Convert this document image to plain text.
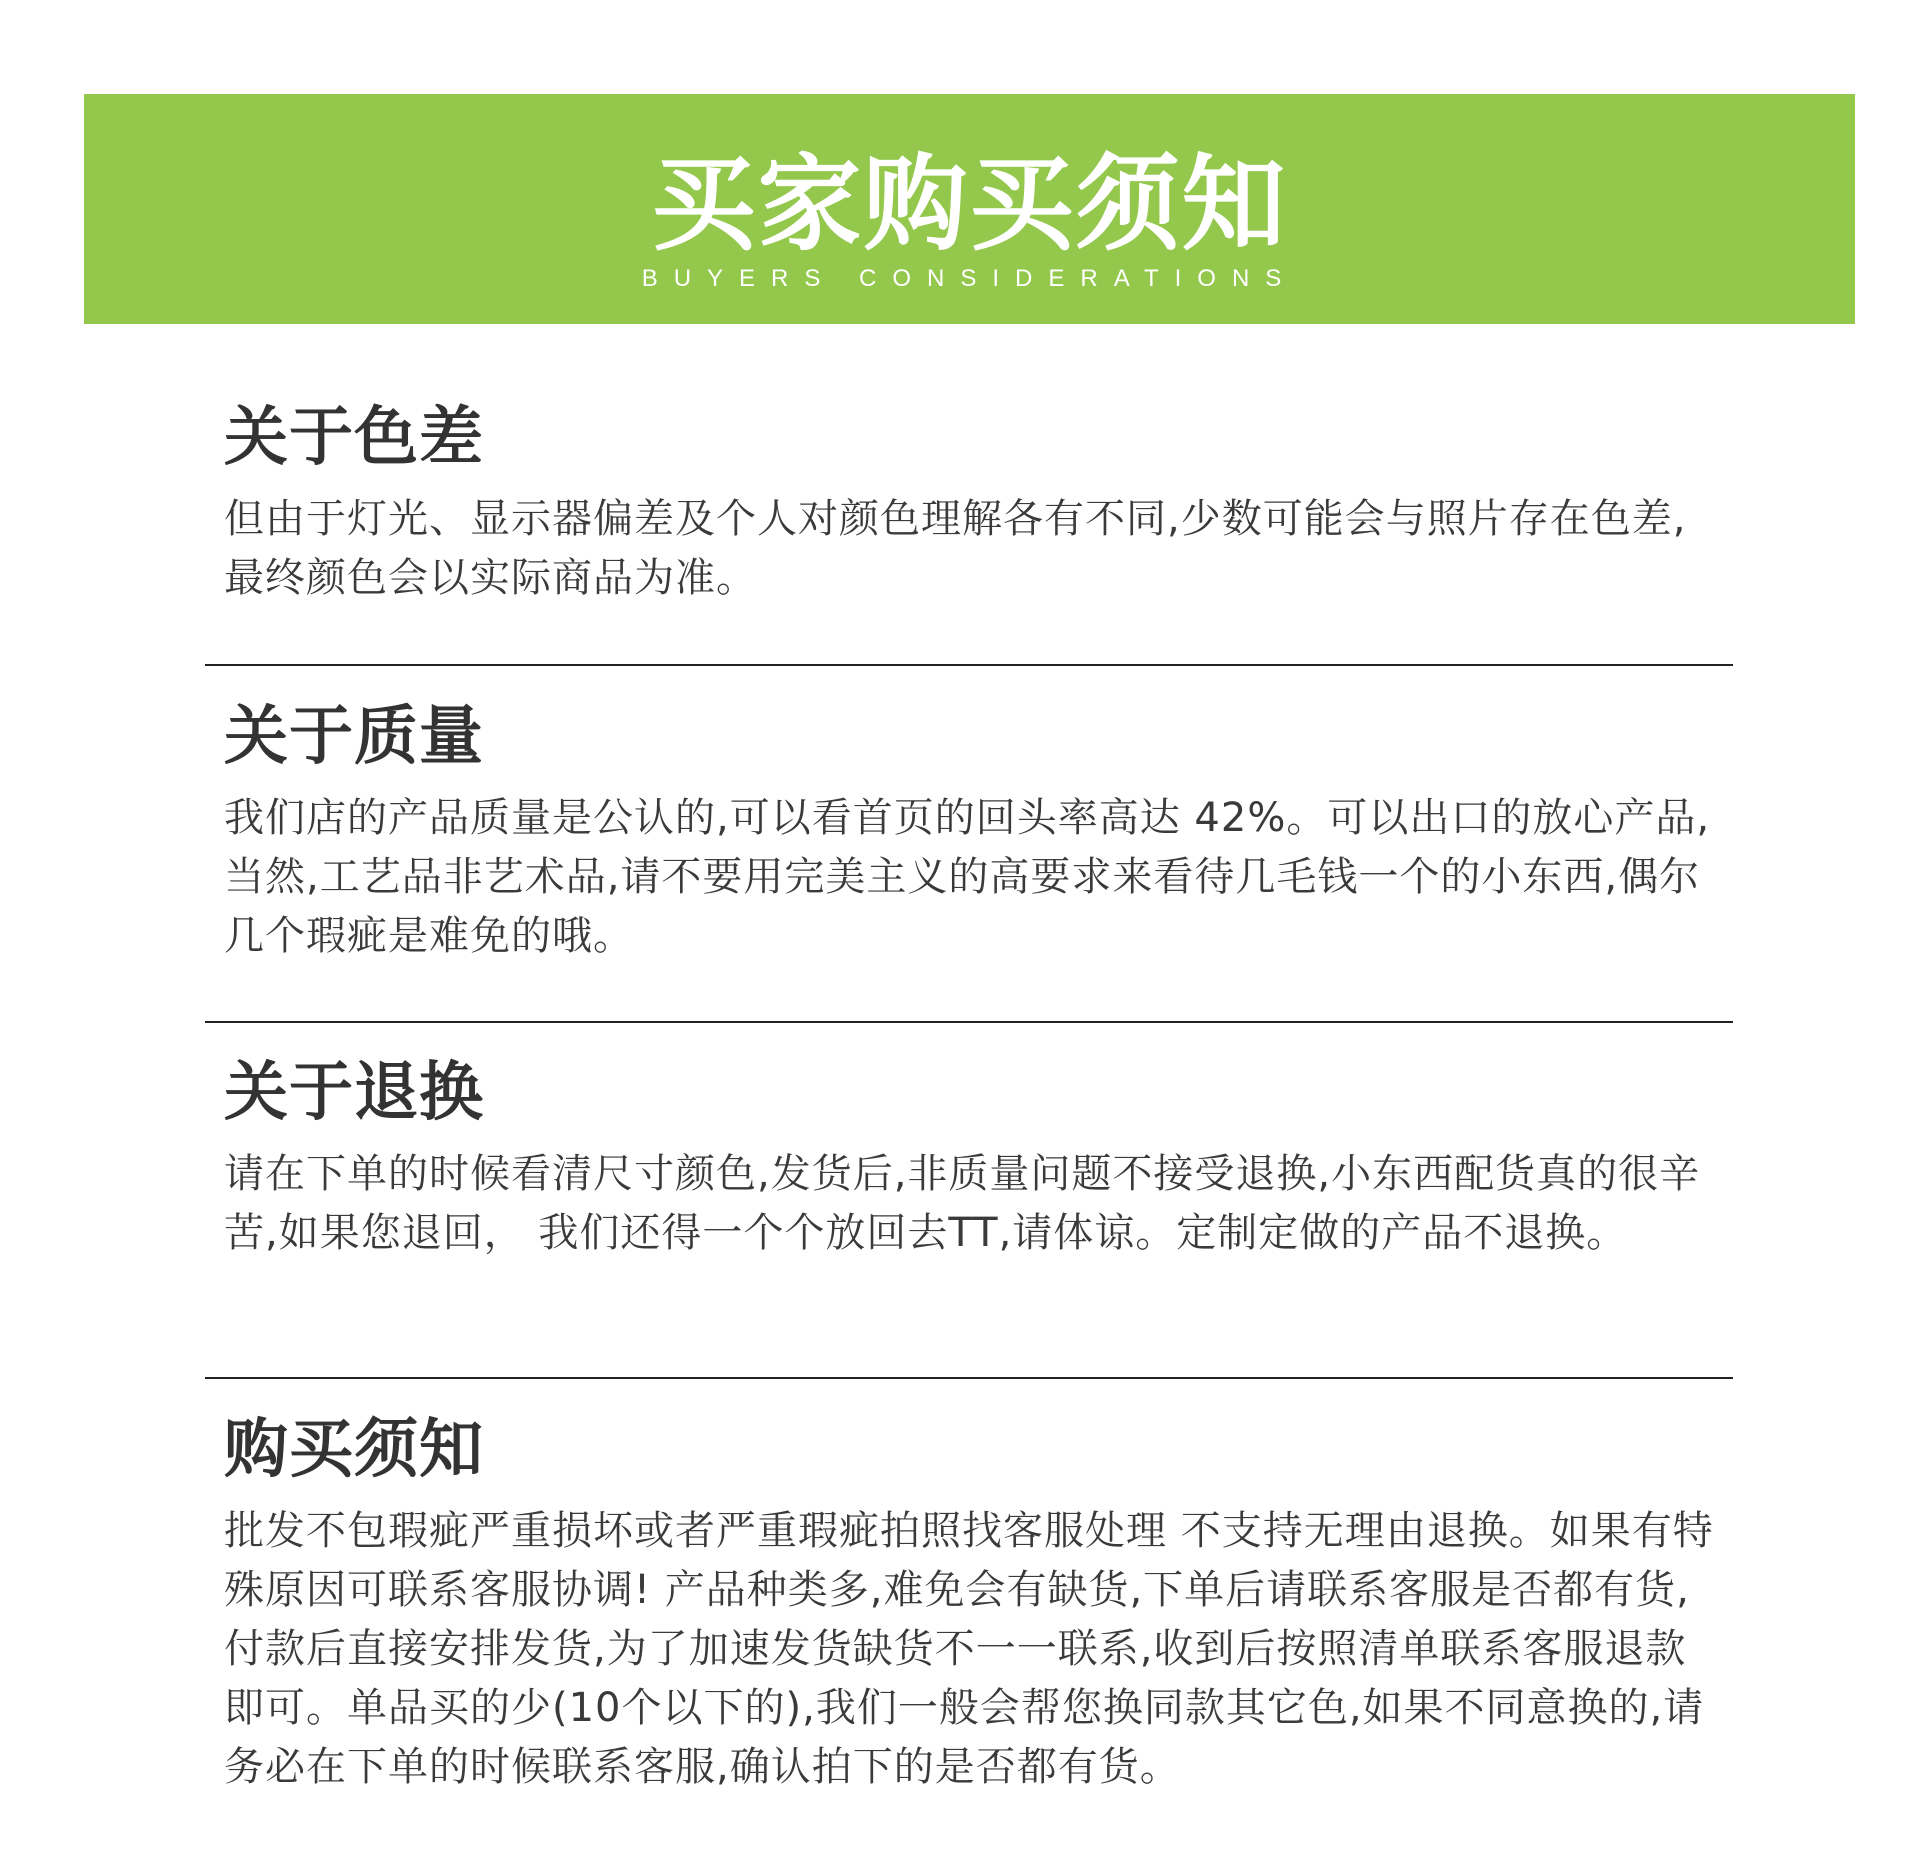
买家购买须知
BUYERS CONSIDERATIONS
关于色差

但由于灯光、显示器偏差及个人对颜色理解各有不同,少数可能会与照片存在色差,最终颜色会以实际商品为准。

关于质量

我们店的产品质量是公认的,可以看首页的回头率高达 42%。可以出口的放心产品,当然,工艺品非艺术品,请不要用完美主义的高要求来看待几毛钱一个的小东西,偶尔几个瑕疵是难免的哦。

关于退换

请在下单的时候看清尺寸颜色,发货后,非质量问题不接受退换,小东西配货真的很辛苦,如果您退回， 我们还得一个个放回去TT,请体谅。定制定做的产品不退换。

购买须知

批发不包瑕疵严重损坏或者严重瑕疵拍照找客服处理 不支持无理由退换。如果有特殊原因可联系客服协调! 产品种类多,难免会有缺货,下单后请联系客服是否都有货,付款后直接安排发货,为了加速发货缺货不一一联系,收到后按照清单联系客服退款即可。单品买的少(10个以下的),我们一般会帮您换同款其它色,如果不同意换的,请务必在下单的时候联系客服,确认拍下的是否都有货。
